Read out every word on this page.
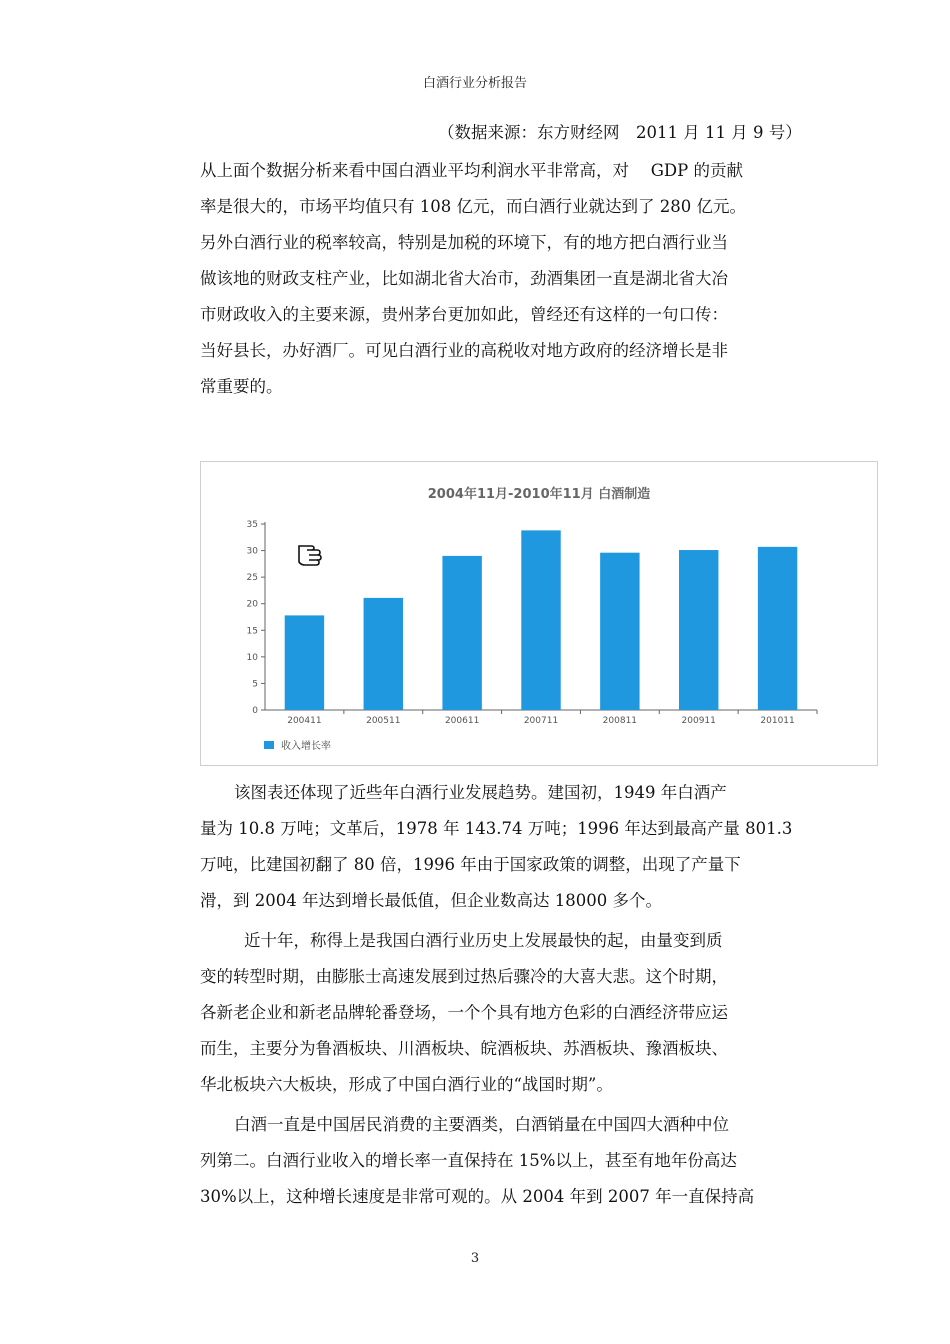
白酒行业分析报告
（数据来源：东方财经网　2011 月 11 月 9 号）
从上面个数据分析来看中国白酒业平均利润水平非常高，对　 GDP 的贡献
率是很大的，市场平均值只有 108 亿元，而白酒行业就达到了 280 亿元。
另外白酒行业的税率较高，特别是加税的环境下，有的地方把白酒行业当
做该地的财政支柱产业，比如湖北省大冶市，劲酒集团一直是湖北省大冶
市财政收入的主要来源，贵州茅台更加如此，曾经还有这样的一句口传：
当好县长，办好酒厂。可见白酒行业的高税收对地方政府的经济增长是非
常重要的。
2004年11月-2010年11月 白酒制造
0
5
10
15
20
25
30
35
200411	200511	200611	200711	200811	200911	201011
收入增长率
该图表还体现了近些年白酒行业发展趋势。建国初，1949 年白酒产
量为 10.8 万吨；文革后，1978 年 143.74 万吨；1996 年达到最高产量 801.3
万吨，比建国初翻了 80 倍，1996 年由于国家政策的调整，出现了产量下
滑，到 2004 年达到增长最低值，但企业数高达 18000 多个。
近十年，称得上是我国白酒行业历史上发展最快的起，由量变到质
变的转型时期，由膨胀士高速发展到过热后骤冷的大喜大悲。这个时期，
各新老企业和新老品牌轮番登场，一个个具有地方色彩的白酒经济带应运
而生，主要分为鲁酒板块、川酒板块、皖酒板块、苏酒板块、豫酒板块、
华北板块六大板块，形成了中国白酒行业的“战国时期”。
白酒一直是中国居民消费的主要酒类，白酒销量在中国四大酒种中位
列第二。白酒行业收入的增长率一直保持在 15%以上，甚至有地年份高达
30%以上，这种增长速度是非常可观的。从 2004 年到 2007 年一直保持高
3
